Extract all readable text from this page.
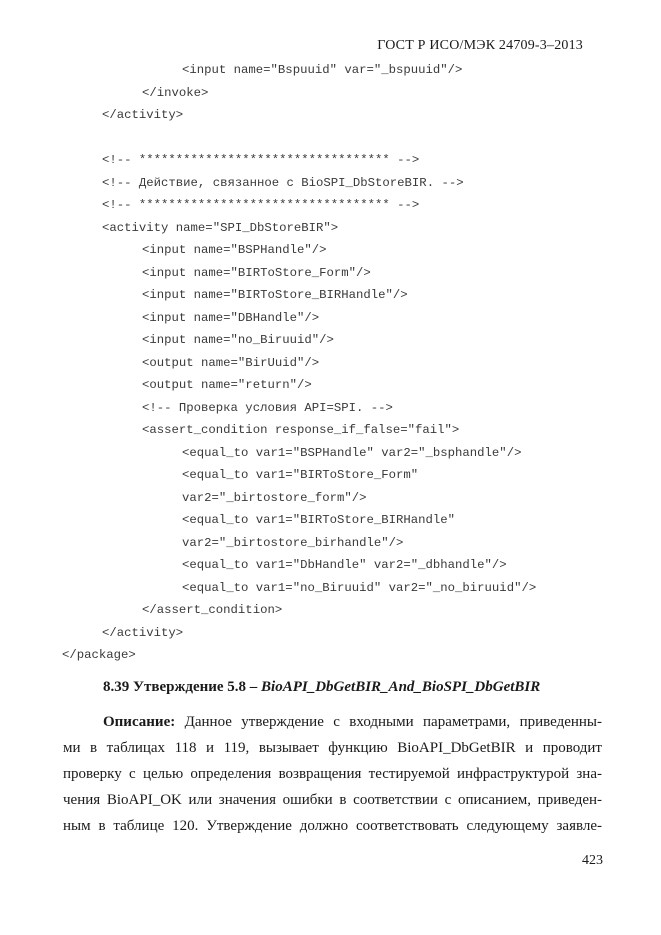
ГОСТ Р ИСО/МЭК 24709-3–2013
<input name="Bspuuid" var="_bspuuid"/>
</invoke>
</activity>
<!-- ********************************** -->
<!-- Действие, связанное с BioSPI_DbStoreBIR. -->
<!-- ********************************** -->
<activity name="SPI_DbStoreBIR">
<input name="BSPHandle"/>
<input name="BIRToStore_Form"/>
<input name="BIRToStore_BIRHandle"/>
<input name="DBHandle"/>
<input name="no_Biruuid"/>
<output name="BirUuid"/>
<output name="return"/>
<!-- Проверка условия API=SPI. -->
<assert_condition response_if_false="fail">
<equal_to var1="BSPHandle" var2="_bsphandle"/>
<equal_to var1="BIRToStore_Form"
var2="_birtostore_form"/>
<equal_to var1="BIRToStore_BIRHandle"
var2="_birtostore_birhandle"/>
<equal_to var1="DbHandle" var2="_dbhandle"/>
<equal_to var1="no_Biruuid" var2="_no_biruuid"/>
</assert_condition>
</activity>
</package>
8.39 Утверждение 5.8 – BioAPI_DbGetBIR_And_BioSPI_DbGetBIR
Описание: Данное утверждение с входными параметрами, приведенны-
ми в таблицах 118 и 119, вызывает функцию BioAPI_DbGetBIR и проводит
проверку с целью определения возвращения тестируемой инфраструктурой зна-
чения BioAPI_OK или значения ошибки в соответствии с описанием, приведен-
ным в таблице 120. Утверждение должно соответствовать следующему заявле-
423
